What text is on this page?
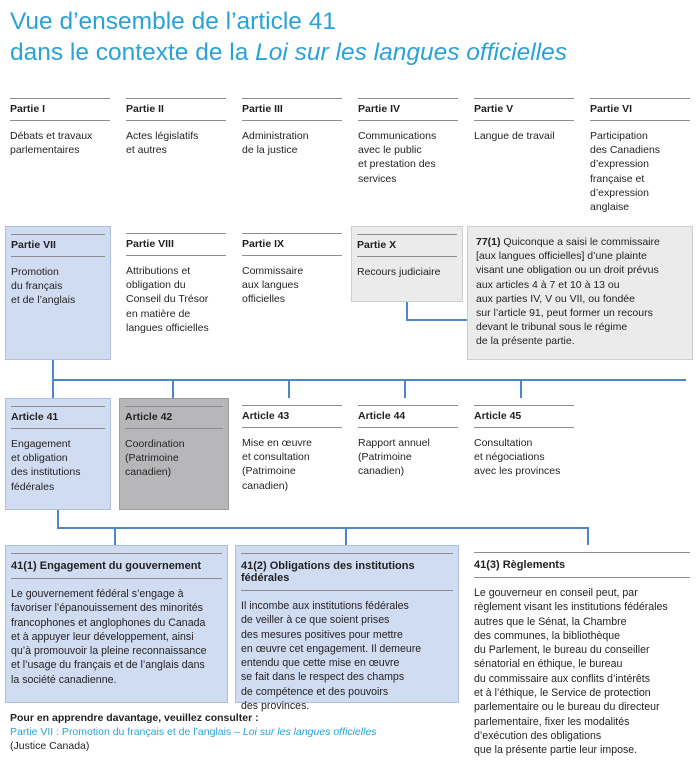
Vue d’ensemble de l’article 41
dans le contexte de la Loi sur les langues officielles
Partie I
Débats et travaux
parlementaires
Partie II
Actes législatifs
et autres
Partie III
Administration
de la justice
Partie IV
Communications
avec le public
et prestation des
services
Partie V
Langue de travail
Partie VI
Participation
des Canadiens
d’expression
française et
d’expression
anglaise
Partie VII
Promotion
du français
et de l’anglais
Partie VIII
Attributions et
obligation du
Conseil du Trésor
en matière de
langues officielles
Partie IX
Commissaire
aux langues
officielles
Partie X
Recours judiciaire
77(1) Quiconque a saisi le commissaire
[aux langues officielles] d’une plainte
visant une obligation ou un droit prévus
aux articles 4 à 7 et 10 à 13 ou
aux parties IV, V ou VII, ou fondée
sur l’article 91, peut former un recours
devant le tribunal sous le régime
de la présente partie.
Article 41
Engagement
et obligation
des institutions
fédérales
Article 42
Coordination
(Patrimoine
canadien)
Article 43
Mise en œuvre
et consultation
(Patrimoine
canadien)
Article 44
Rapport annuel
(Patrimoine
canadien)
Article 45
Consultation
et négociations
avec les provinces
41(1) Engagement du gouvernement
Le gouvernement fédéral s’engage à
favoriser l’épanouissement des minorités
francophones et anglophones du Canada
et à appuyer leur développement, ainsi
qu’à promouvoir la pleine reconnaissance
et l’usage du français et de l’anglais dans
la société canadienne.
41(2) Obligations des institutions fédérales
Il incombe aux institutions fédérales
de veiller à ce que soient prises
des mesures positives pour mettre
en œuvre cet engagement. Il demeure
entendu que cette mise en œuvre
se fait dans le respect des champs
de compétence et des pouvoirs
des provinces.
41(3) Règlements
Le gouverneur en conseil peut, par
règlement visant les institutions fédérales
autres que le Sénat, la Chambre
des communes, la bibliothèque
du Parlement, le bureau du conseiller
sénatorial en éthique, le bureau
du commissaire aux conflits d’intérêts
et à l’éthique, le Service de protection
parlementaire ou le bureau du directeur
parlementaire, fixer les modalités
d’exécution des obligations
que la présente partie leur impose.
Pour en apprendre davantage, veuillez consulter :
Partie VII : Promotion du français et de l’anglais – Loi sur les langues officielles
(Justice Canada)
